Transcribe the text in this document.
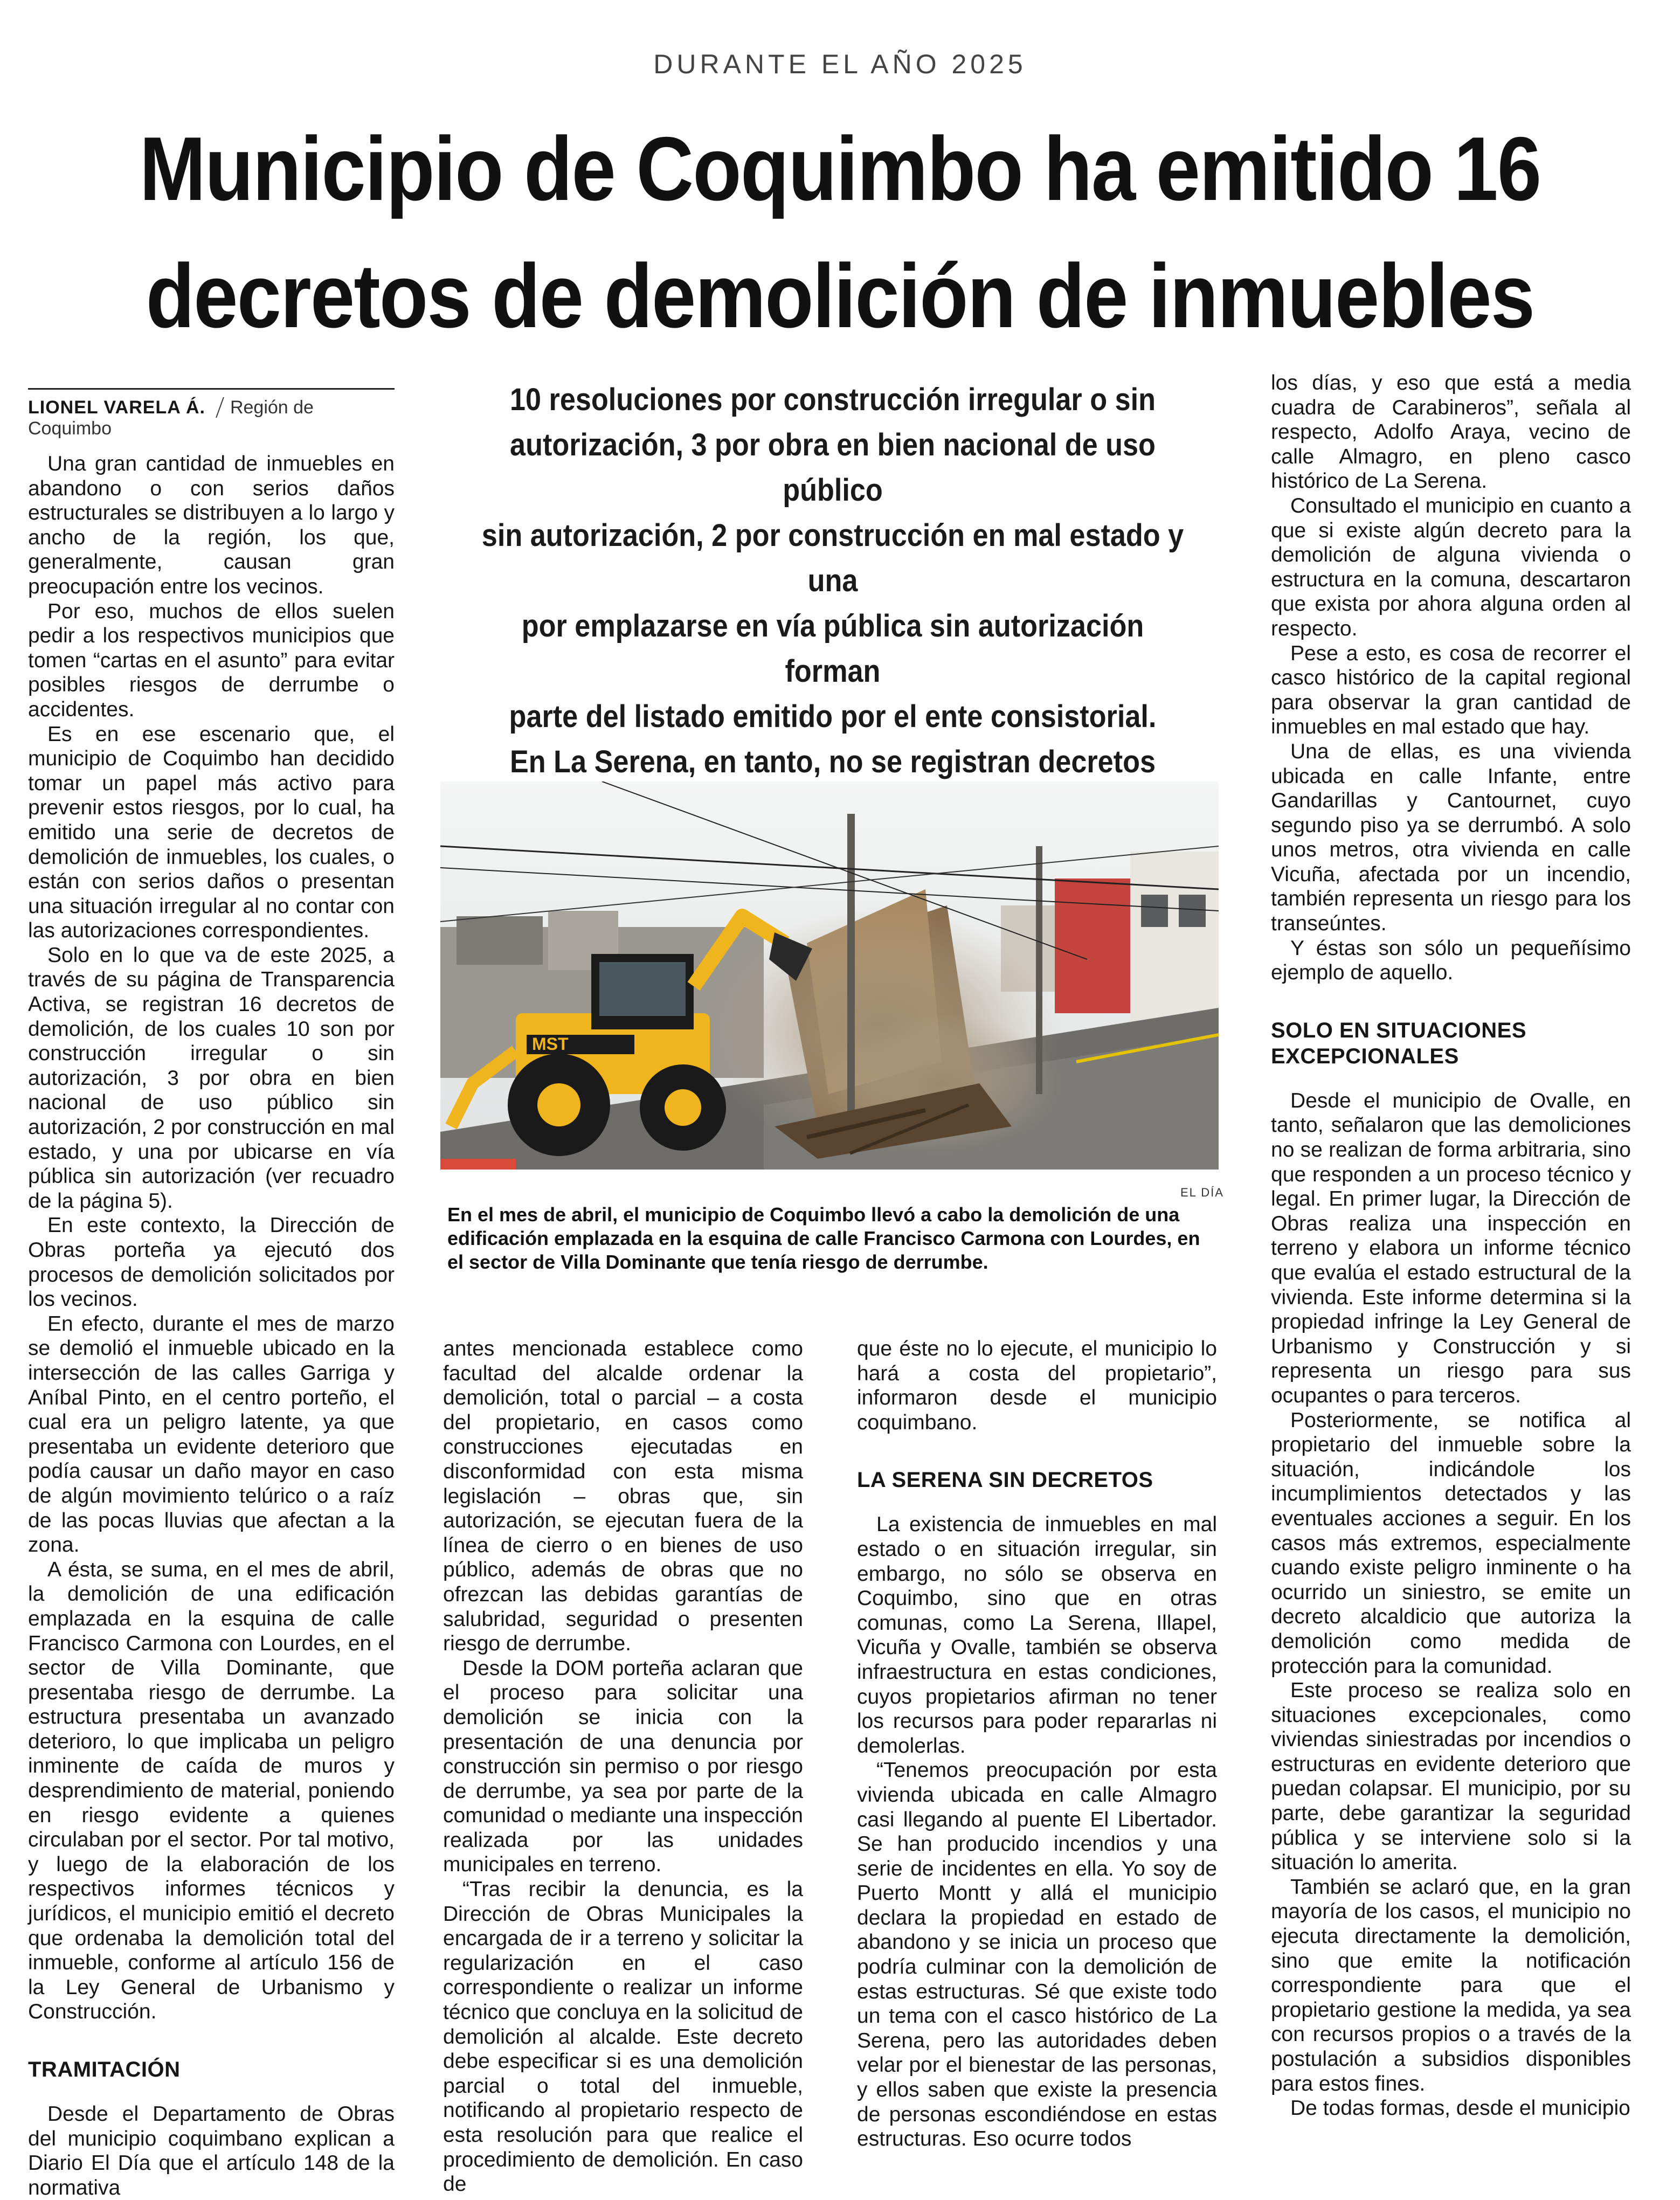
DURANTE EL AÑO 2025
Municipio de Coquimbo ha emitido 16
decretos de demolición de inmuebles
LIONEL VARELA Á. Región de Coquimbo
10 resoluciones por construcción irregular o sin
autorización, 3 por obra en bien nacional de uso público
sin autorización, 2 por construcción en mal estado y una
por emplazarse en vía pública sin autorización forman
parte del listado emitido por el ente consistorial.
En La Serena, en tanto, no se registran decretos
MST
EL DÍA
En el mes de abril, el municipio de Coquimbo llevó a cabo la demolición de una edificación emplazada en la esquina de calle Francisco Carmona con Lourdes, en el sector de Villa Dominante que tenía riesgo de derrumbe.

Una gran cantidad de inmuebles en abandono o con serios daños estructurales se distribuyen a lo largo y ancho de la región, los que, generalmente, causan gran preocupación entre los vecinos.

Por eso, muchos de ellos suelen pedir a los respectivos municipios que tomen “cartas en el asunto” para evitar posibles riesgos de derrumbe o accidentes.

Es en ese escenario que, el municipio de Coquimbo han decidido tomar un papel más activo para prevenir estos riesgos, por lo cual, ha emitido una serie de decretos de demolición de inmuebles, los cuales, o están con serios daños o presentan una situación irregular al no contar con las autorizaciones correspondientes.

Solo en lo que va de este 2025, a través de su página de Transparencia Activa, se registran 16 decretos de demolición, de los cuales 10 son por construcción irregular o sin autorización, 3 por obra en bien nacional de uso público sin autorización, 2 por construcción en mal estado, y una por ubicarse en vía pública sin autorización (ver recuadro de la página 5).

En este contexto, la Dirección de Obras porteña ya ejecutó dos procesos de demolición solicitados por los vecinos.

En efecto, durante el mes de marzo se demolió el inmueble ubicado en la intersección de las calles Garriga y Aníbal Pinto, en el centro porteño, el cual era un peligro latente, ya que presentaba un evidente deterioro que podía causar un daño mayor en caso de algún movimiento telúrico o a raíz de las pocas lluvias que afectan a la zona.

A ésta, se suma, en el mes de abril, la demolición de una edificación emplazada en la esquina de calle Francisco Carmona con Lourdes, en el sector de Villa Dominante, que presentaba riesgo de derrumbe. La estructura presentaba un avanzado deterioro, lo que implicaba un peligro inminente de caída de muros y desprendimiento de material, poniendo en riesgo evidente a quienes circulaban por el sector. Por tal motivo, y luego de la elaboración de los respectivos informes técnicos y jurídicos, el municipio emitió el decreto que ordenaba la demolición total del inmueble, conforme al artículo 156 de la Ley General de Urbanismo y Construcción.

TRAMITACIÓN

Desde el Departamento de Obras del municipio coquimbano explican a Diario El Día que el artículo 148 de la normativa

antes mencionada establece como facultad del alcalde ordenar la demolición, total o parcial – a costa del propietario, en casos como construcciones ejecutadas en disconformidad con esta misma legislación – obras que, sin autorización, se ejecutan fuera de la línea de cierro o en bienes de uso público, además de obras que no ofrezcan las debidas garantías de salubridad, seguridad o presenten riesgo de derrumbe.

Desde la DOM porteña aclaran que el proceso para solicitar una demolición se inicia con la presentación de una denuncia por construcción sin permiso o por riesgo de derrumbe, ya sea por parte de la comunidad o mediante una inspección realizada por las unidades municipales en terreno.

“Tras recibir la denuncia, es la Dirección de Obras Municipales la encargada de ir a terreno y solicitar la regularización en el caso correspondiente o realizar un informe técnico que concluya en la solicitud de demolición al alcalde. Este decreto debe especificar si es una demolición parcial o total del inmueble, notificando al propietario respecto de esta resolución para que realice el procedimiento de demolición. En caso de

que éste no lo ejecute, el municipio lo hará a costa del propietario”, informaron desde el municipio coquimbano.

LA SERENA SIN DECRETOS

La existencia de inmuebles en mal estado o en situación irregular, sin embargo, no sólo se observa en Coquimbo, sino que en otras comunas, como La Serena, Illapel, Vicuña y Ovalle, también se observa infraestructura en estas condiciones, cuyos propietarios afirman no tener los recursos para poder repararlas ni demolerlas.

“Tenemos preocupación por esta vivienda ubicada en calle Almagro casi llegando al puente El Libertador. Se han producido incendios y una serie de incidentes en ella. Yo soy de Puerto Montt y allá el municipio declara la propiedad en estado de abandono y se inicia un proceso que podría culminar con la demolición de estas estructuras. Sé que existe todo un tema con el casco histórico de La Serena, pero las autoridades deben velar por el bienestar de las personas, y ellos saben que existe la presencia de personas escondiéndose en estas estructuras. Eso ocurre todos

los días, y eso que está a media cuadra de Carabineros”, señala al respecto, Adolfo Araya, vecino de calle Almagro, en pleno casco histórico de La Serena.

Consultado el municipio en cuanto a que si existe algún decreto para la demolición de alguna vivienda o estructura en la comuna, descartaron que exista por ahora alguna orden al respecto.

Pese a esto, es cosa de recorrer el casco histórico de la capital regional para observar la gran cantidad de inmuebles en mal estado que hay.

Una de ellas, es una vivienda ubicada en calle Infante, entre Gandarillas y Cantournet, cuyo segundo piso ya se derrumbó. A solo unos metros, otra vivienda en calle Vicuña, afectada por un incendio, también representa un riesgo para los transeúntes.

Y éstas son sólo un pequeñísimo ejemplo de aquello.

SOLO EN SITUACIONES
EXCEPCIONALES

Desde el municipio de Ovalle, en tanto, señalaron que las demoliciones no se realizan de forma arbitraria, sino que responden a un proceso técnico y legal. En primer lugar, la Dirección de Obras realiza una inspección en terreno y elabora un informe técnico que evalúa el estado estructural de la vivienda. Este informe determina si la propiedad infringe la Ley General de Urbanismo y Construcción y si representa un riesgo para sus ocupantes o para terceros.

Posteriormente, se notifica al propietario del inmueble sobre la situación, indicándole los incumplimientos detectados y las eventuales acciones a seguir. En los casos más extremos, especialmente cuando existe peligro inminente o ha ocurrido un siniestro, se emite un decreto alcaldicio que autoriza la demolición como medida de protección para la comunidad.

Este proceso se realiza solo en situaciones excepcionales, como viviendas siniestradas por incendios o estructuras en evidente deterioro que puedan colapsar. El municipio, por su parte, debe garantizar la seguridad pública y se interviene solo si la situación lo amerita.

También se aclaró que, en la gran mayoría de los casos, el municipio no ejecuta directamente la demolición, sino que emite la notificación correspondiente para que el propietario gestione la medida, ya sea con recursos propios o a través de la postulación a subsidios disponibles para estos fines.

De todas formas, desde el municipio
